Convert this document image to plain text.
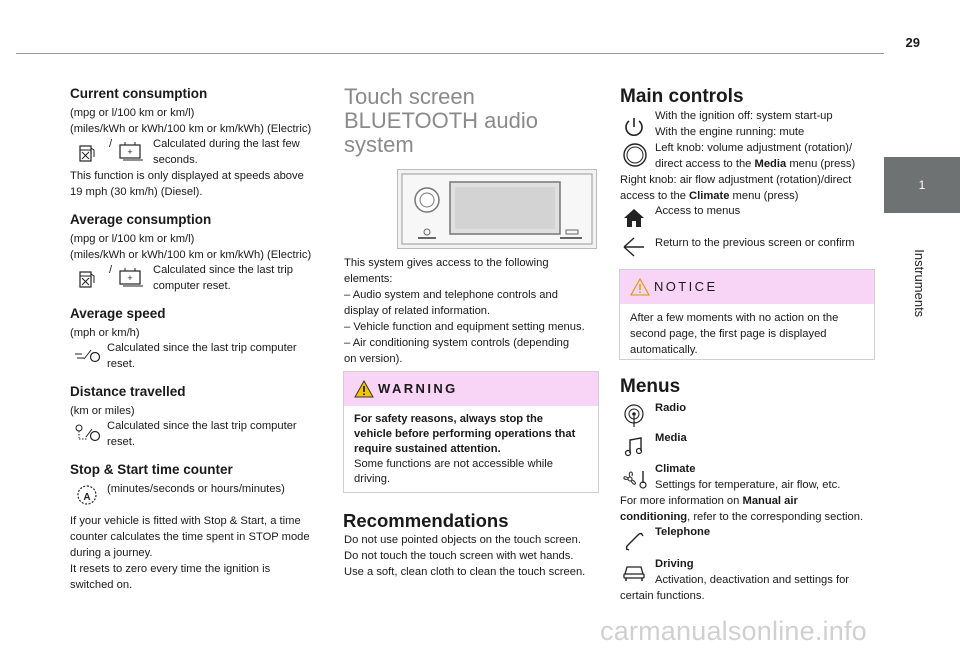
29
1
Instruments
Current consumption
(mpg or l/100 km or km/l)
(miles/kWh or kWh/100 km or km/kWh) (Electric)
/
+
Calculated during the last few
seconds.
This function is only displayed at speeds above
19 mph (30 km/h) (Diesel).
Average consumption
(mpg or l/100 km or km/l)
(miles/kWh or kWh/100 km or km/kWh) (Electric)
/
+
Calculated since the last trip
computer reset.
Average speed
(mph or km/h)
Calculated since the last trip computer
reset.
Distance travelled
(km or miles)
Calculated since the last trip computer
reset.
Stop & Start time counter
A
(minutes/seconds or hours/minutes)
If your vehicle is fitted with Stop & Start, a time
counter calculates the time spent in STOP mode
during a journey.
It resets to zero every time the ignition is
switched on.
Touch screen
BLUETOOTH audio
system
This system gives access to the following
elements:
– Audio system and telephone controls and
display of related information.
– Vehicle function and equipment setting menus.
– Air conditioning system controls (depending
on version).
WARNING
For safety reasons, always stop the
vehicle before performing operations that
require sustained attention.
Some functions are not accessible while
driving.
Recommendations
Do not use pointed objects on the touch screen.
Do not touch the touch screen with wet hands.
Use a soft, clean cloth to clean the touch screen.
Main controls
With the ignition off: system start-up
With the engine running: mute
Left knob: volume adjustment (rotation)/
direct access to the Media menu (press)
Right knob: air flow adjustment (rotation)/direct
access to the Climate menu (press)
Access to menus
Return to the previous screen or confirm
NOTICE
After a few moments with no action on the
second page, the first page is displayed
automatically.
Menus
Radio
Media
Climate
Settings for temperature, air flow, etc.
For more information on Manual air
conditioning, refer to the corresponding section.
Telephone
Driving
Activation, deactivation and settings for
certain functions.
carmanualsonline.info
